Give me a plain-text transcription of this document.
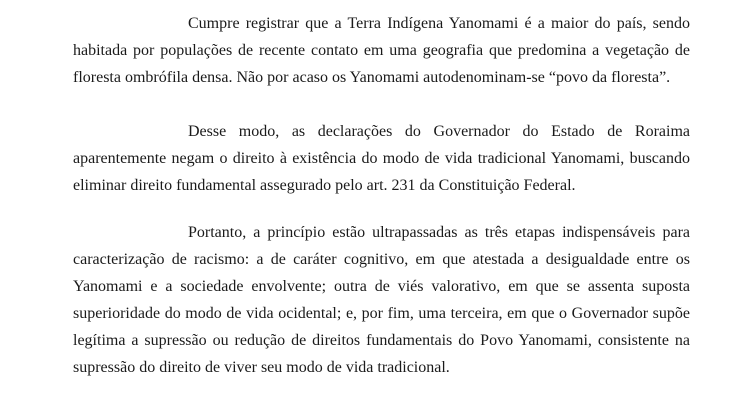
Cumpre registrar que a Terra Indígena Yanomami é a maior do país, sendo habitada por populações de recente contato em uma geografia que predomina a vegetação de floresta ombrófila densa. Não por acaso os Yanomami autodenominam-se “povo da floresta”.

Desse modo, as declarações do Governador do Estado de Roraima aparentemente negam o direito à existência do modo de vida tradicional Yanomami, buscando eliminar direito fundamental assegurado pelo art. 231 da Constituição Federal.

Portanto, a princípio estão ultrapassadas as três etapas indispensáveis para caracterização de racismo: a de caráter cognitivo, em que atestada a desigualdade entre os Yanomami e a sociedade envolvente; outra de viés valorativo, em que se assenta suposta superioridade do modo de vida ocidental; e, por fim, uma terceira, em que o Governador supõe legítima a supressão ou redução de direitos fundamentais do Povo Yanomami, consistente na supressão do direito de viver seu modo de vida tradicional.
